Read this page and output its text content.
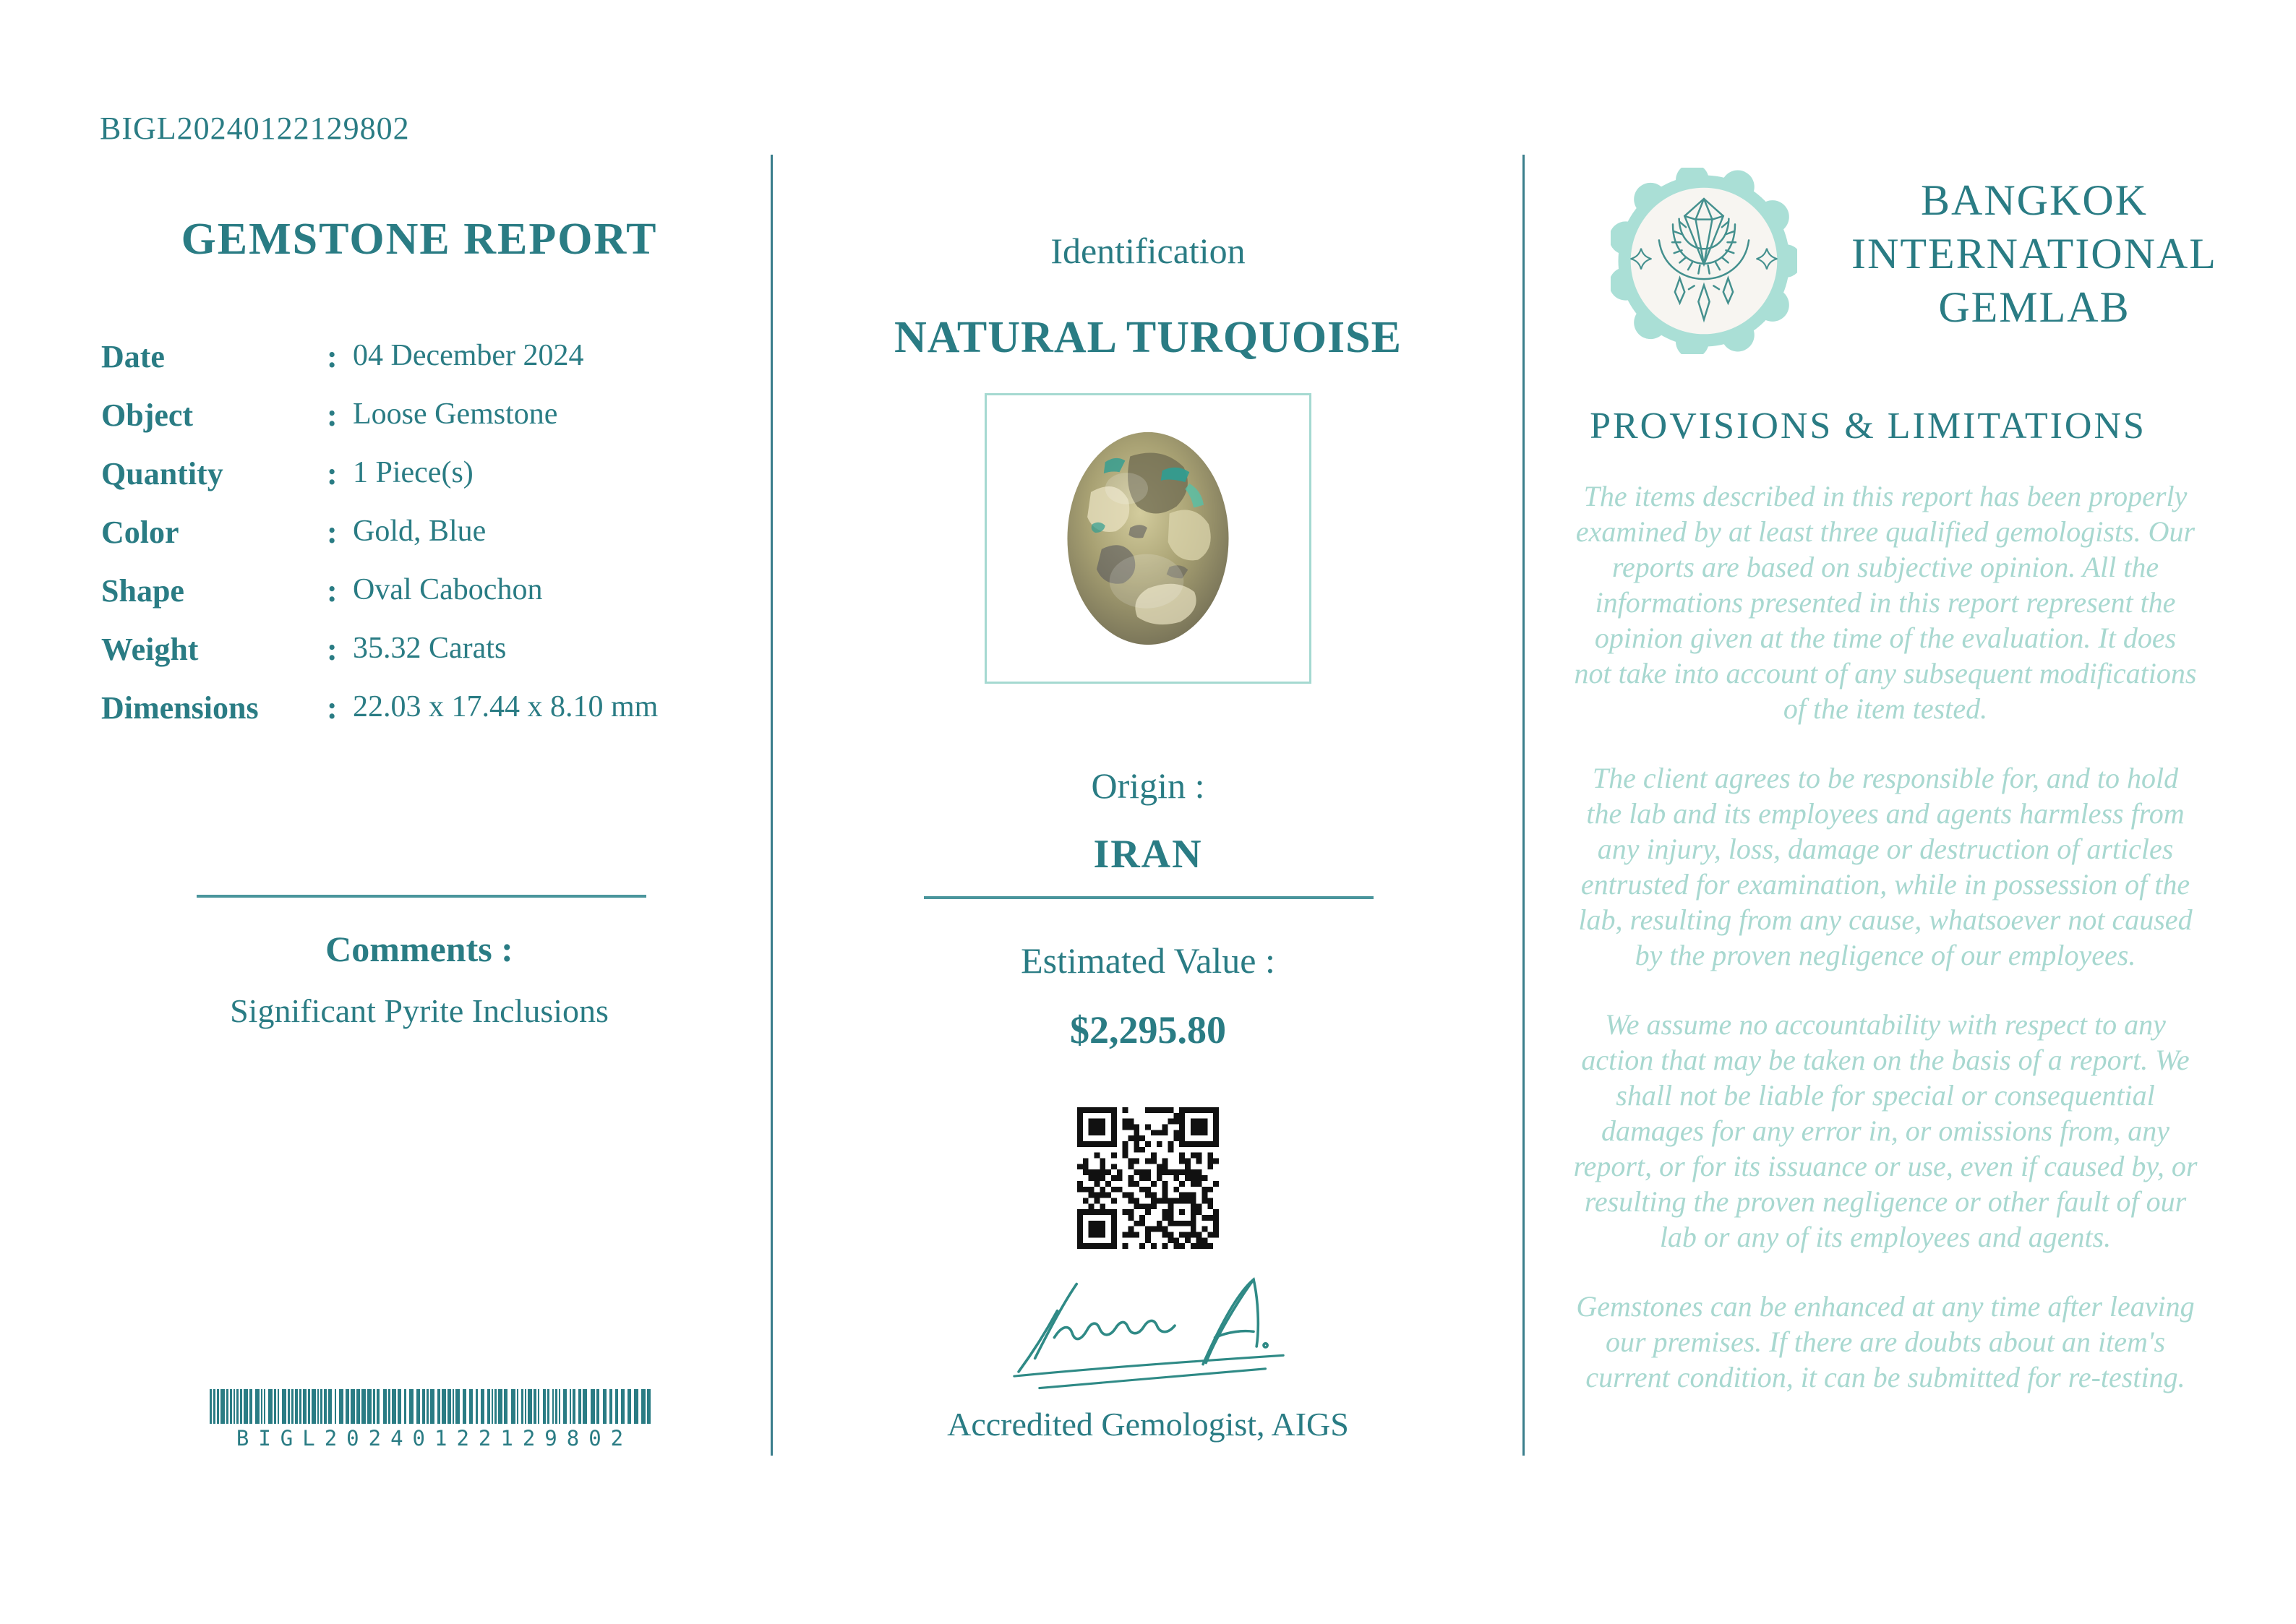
BIGL20240122129802
GEMSTONE REPORT
Date	: 04 December 2024
Object	: Loose Gemstone
Quantity	: 1 Piece(s)
Color	: Gold, Blue
Shape	: Oval Cabochon
Weight	: 35.32 Carats
Dimensions	: 22.03 x 17.44 x 8.10 mm
Comments :
Significant Pyrite Inclusions
BIGL20240122129802
Identification
NATURAL TURQUOISE
Origin :
IRAN
Estimated Value :
$2,295.80
Accredited Gemologist, AIGS
BANGKOK
INTERNATIONAL
GEMLAB
PROVISIONS & LIMITATIONS

The items described in this report has been properly examined by at least three qualified gemologists. Our reports are based on subjective opinion. All the informations presented in this report represent the opinion given at the time of the evaluation. It does not take into account of any subsequent modifications of the item tested.

The client agrees to be responsible for, and to hold the lab and its employees and agents harmless from any injury, loss, damage or destruction of articles entrusted for examination, while in possession of the lab, resulting from any cause, whatsoever not caused by the proven negligence of our employees.

We assume no accountability with respect to any action that may be taken on the basis of a report. We shall not be liable for special or consequential damages for any error in, or omissions from, any report, or for its issuance or use, even if caused by, or resulting the proven negligence or other fault of our lab or any of its employees and agents.

Gemstones can be enhanced at any time after leaving our premises. If there are doubts about an item's current condition, it can be submitted for re-testing.
